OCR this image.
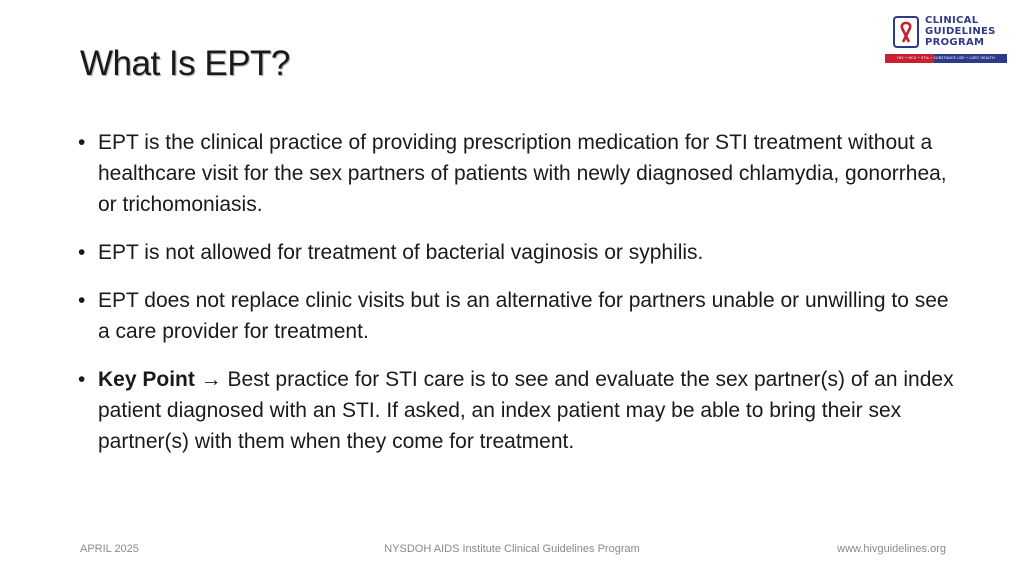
What Is EPT?
CLINICAL
GUIDELINES
PROGRAM
HIV • HCV • STIs • SUBSTANCE USE • LGBT HEALTH
• EPT is the clinical practice of providing prescription medication for STI treatment without a healthcare visit for the sex partners of patients with newly diagnosed chlamydia, gonorrhea, or trichomoniasis.
• EPT is not allowed for treatment of bacterial vaginosis or syphilis.
• EPT does not replace clinic visits but is an alternative for partners unable or unwilling to see a care provider for treatment.
• Key Point → Best practice for STI care is to see and evaluate the sex partner(s) of an index patient diagnosed with an STI. If asked, an index patient may be able to bring their sex partner(s) with them when they come for treatment.
APRIL 2025	NYSDOH AIDS Institute Clinical Guidelines Program	www.hivguidelines.org
